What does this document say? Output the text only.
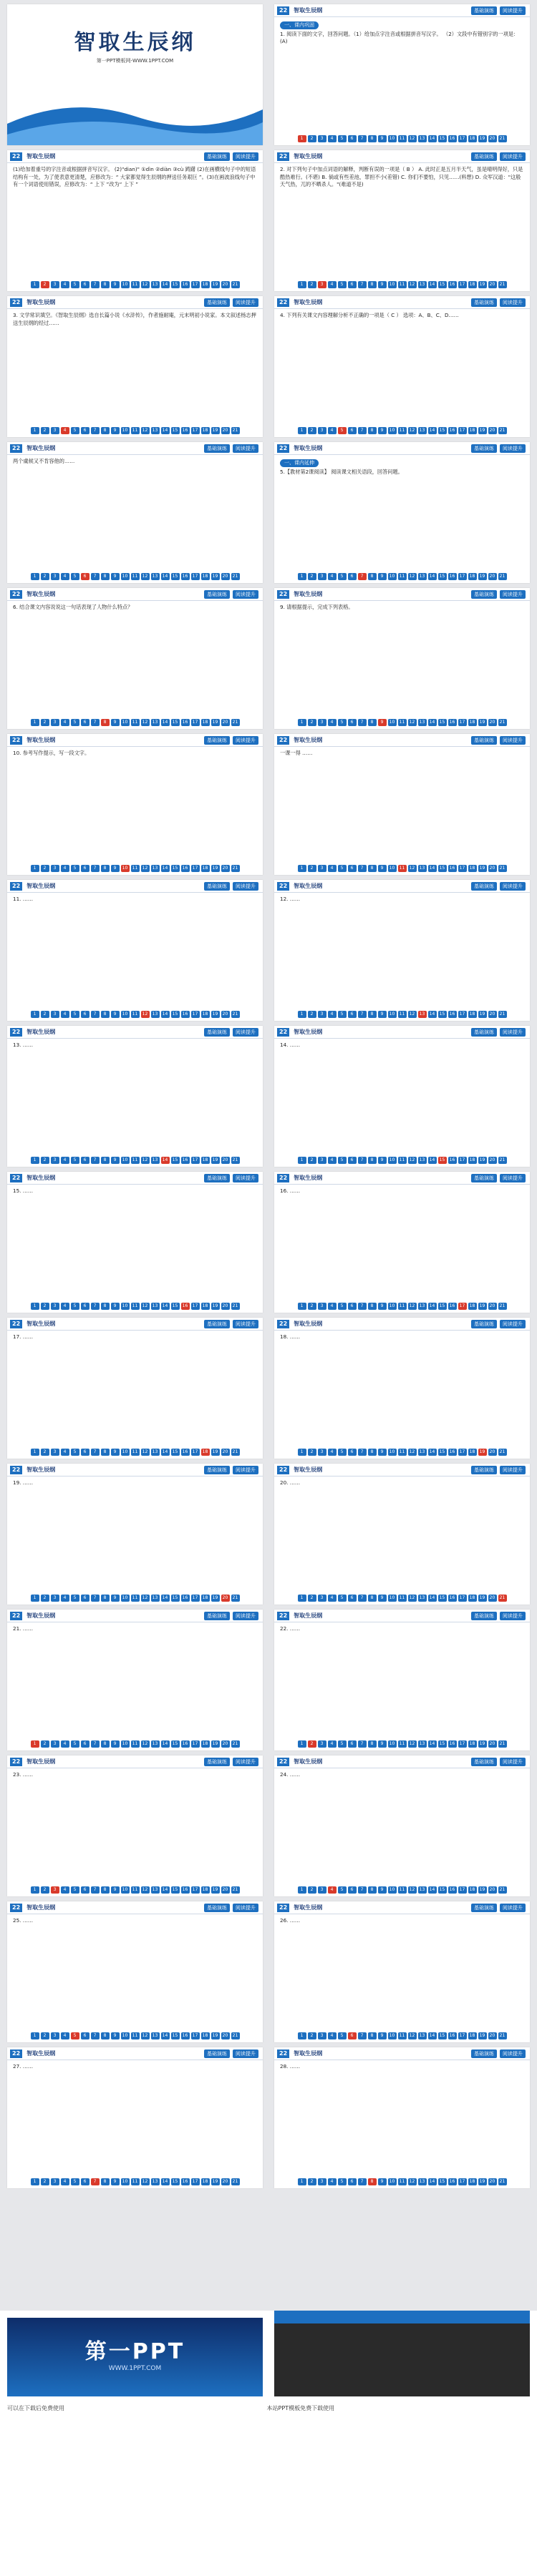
智取生辰纲
第一PPT模板网-WWW.1PPT.COM
22	智取生辰纲	基础演练	阅读提升
一、课内巩固

1. 阅读下面的文字，回答问题。（1）给加点字注音或根据拼音写汉字。 （2）文段中有错别字的一项是：(A)

1	2	3	4	5	6	7	8	9	10	11	12	13	14	15	16	17	18	19	20	21
22	智取生辰纲	基础演练	阅读提升

(1)给加着重号的字注音或根据拼音写汉字。 (2)"dian)" ①dìn ②diàn ③cù 踌躇 (2)在画横线句子中的短语结构有一处，为了使表意更清楚，应修改为：“ 大家都觉得生辰纲的押送任务艰巨 ”。(3)在画波浪线句子中有一个词语使用错误，应修改为：“ 上下 ”改为“ 上下 ”

1	2	3	4	5	6	7	8	9	10	11	12	13	14	15	16	17	18	19	20	21
22	智取生辰纲	基础演练	阅读提升

2. 对下列句子中加点词语的解释，判断有误的一项是（ B ） A. 此时正是五月半天气，虽是晴明得好，只是酷热难行。(不堪) B. 倘或有些差池，罪担不小(差错) C. 你们不要怕，只见……(料想) D. 众军汉道："这般天气热，兀的不晒杀人。"(难道不是)

1	2	3	4	5	6	7	8	9	10	11	12	13	14	15	16	17	18	19	20	21
22	智取生辰纲	基础演练	阅读提升

3. 文学常识填空。《智取生辰纲》选自长篇小说《水浒传》，作者施耐庵，元末明初小说家。本文叙述杨志押送生辰纲的经过……

1	2	3	4	5	6	7	8	9	10	11	12	13	14	15	16	17	18	19	20	21
22	智取生辰纲	基础演练	阅读提升

4. 下列有关课文内容理解分析不正确的一项是（ C ） 选项：A、B、C、D……

1	2	3	4	5	6	7	8	9	10	11	12	13	14	15	16	17	18	19	20	21
22	智取生辰纲	基础演练	阅读提升

两个虞候又不肯容他的……

1	2	3	4	5	6	7	8	9	10	11	12	13	14	15	16	17	18	19	20	21
22	智取生辰纲	基础演练	阅读提升
一、课内延伸

5.【教材第2课阅读】 阅读课文相关语段，回答问题。

1	2	3	4	5	6	7	8	9	10	11	12	13	14	15	16	17	18	19	20	21
22	智取生辰纲	基础演练	阅读提升

6. 结合课文内容说说这一句话表现了人物什么特点？

1	2	3	4	5	6	7	8	9	10	11	12	13	14	15	16	17	18	19	20	21
22	智取生辰纲	基础演练	阅读提升

9. 请根据提示，完成下列表格。

1	2	3	4	5	6	7	8	9	10	11	12	13	14	15	16	17	18	19	20	21
22	智取生辰纲	基础演练	阅读提升

10. 参考写作提示，写一段文字。

1	2	3	4	5	6	7	8	9	10	11	12	13	14	15	16	17	18	19	20	21
22	智取生辰纲	基础演练	阅读提升

一课一得 ……

1	2	3	4	5	6	7	8	9	10	11	12	13	14	15	16	17	18	19	20	21
22	智取生辰纲	基础演练	阅读提升

11. ……

1	2	3	4	5	6	7	8	9	10	11	12	13	14	15	16	17	18	19	20	21
22	智取生辰纲	基础演练	阅读提升

12. ……

1	2	3	4	5	6	7	8	9	10	11	12	13	14	15	16	17	18	19	20	21
22	智取生辰纲	基础演练	阅读提升

13. ……

1	2	3	4	5	6	7	8	9	10	11	12	13	14	15	16	17	18	19	20	21
22	智取生辰纲	基础演练	阅读提升

14. ……

1	2	3	4	5	6	7	8	9	10	11	12	13	14	15	16	17	18	19	20	21
22	智取生辰纲	基础演练	阅读提升

15. ……

1	2	3	4	5	6	7	8	9	10	11	12	13	14	15	16	17	18	19	20	21
22	智取生辰纲	基础演练	阅读提升

16. ……

1	2	3	4	5	6	7	8	9	10	11	12	13	14	15	16	17	18	19	20	21
22	智取生辰纲	基础演练	阅读提升

17. ……

1	2	3	4	5	6	7	8	9	10	11	12	13	14	15	16	17	18	19	20	21
22	智取生辰纲	基础演练	阅读提升

18. ……

1	2	3	4	5	6	7	8	9	10	11	12	13	14	15	16	17	18	19	20	21
22	智取生辰纲	基础演练	阅读提升

19. ……

1	2	3	4	5	6	7	8	9	10	11	12	13	14	15	16	17	18	19	20	21
22	智取生辰纲	基础演练	阅读提升

20. ……

1	2	3	4	5	6	7	8	9	10	11	12	13	14	15	16	17	18	19	20	21
22	智取生辰纲	基础演练	阅读提升

21. ……

1	2	3	4	5	6	7	8	9	10	11	12	13	14	15	16	17	18	19	20	21
22	智取生辰纲	基础演练	阅读提升

22. ……

1	2	3	4	5	6	7	8	9	10	11	12	13	14	15	16	17	18	19	20	21
22	智取生辰纲	基础演练	阅读提升

23. ……

1	2	3	4	5	6	7	8	9	10	11	12	13	14	15	16	17	18	19	20	21
22	智取生辰纲	基础演练	阅读提升

24. ……

1	2	3	4	5	6	7	8	9	10	11	12	13	14	15	16	17	18	19	20	21
22	智取生辰纲	基础演练	阅读提升

25. ……

1	2	3	4	5	6	7	8	9	10	11	12	13	14	15	16	17	18	19	20	21
22	智取生辰纲	基础演练	阅读提升

26. ……

1	2	3	4	5	6	7	8	9	10	11	12	13	14	15	16	17	18	19	20	21
22	智取生辰纲	基础演练	阅读提升

27. ……

1	2	3	4	5	6	7	8	9	10	11	12	13	14	15	16	17	18	19	20	21
22	智取生辰纲	基础演练	阅读提升

28. ……

1	2	3	4	5	6	7	8	9	10	11	12	13	14	15	16	17	18	19	20	21
第一PPT
WWW.1PPT.COM
可以在下载后免费使用	本站PPT模板免费下载使用
